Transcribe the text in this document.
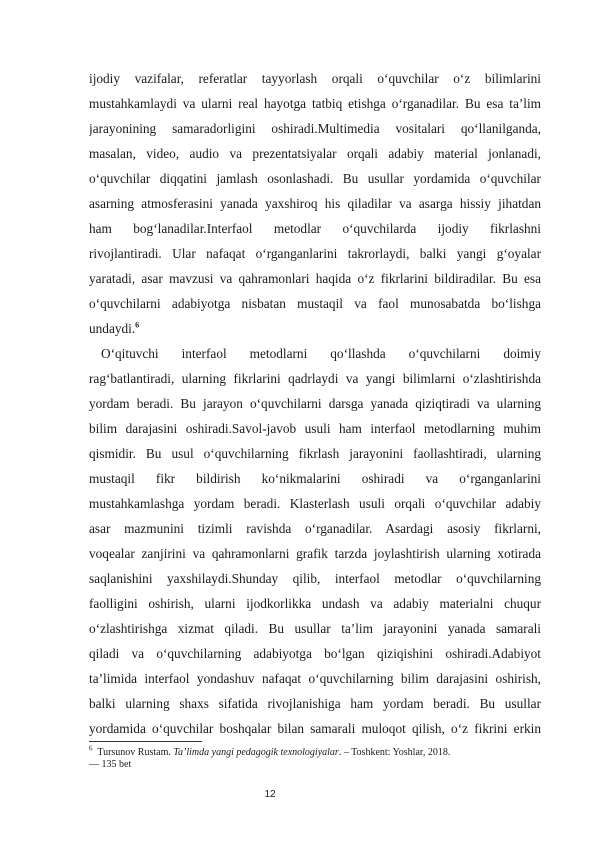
ijodiy vazifalar, referatlar tayyorlash orqali o‘quvchilar o‘z bilimlarini
mustahkamlaydi va ularni real hayotga tatbiq etishga o‘rganadilar. Bu esa ta’lim
jarayonining samaradorligini oshiradi.Multimedia vositalari qo‘llanilganda,
masalan, video, audio va prezentatsiyalar orqali adabiy material jonlanadi,
o‘quvchilar diqqatini jamlash osonlashadi. Bu usullar yordamida o‘quvchilar
asarning atmosferasini yanada yaxshiroq his qiladilar va asarga hissiy jihatdan
ham bog‘lanadilar.Interfaol metodlar o‘quvchilarda ijodiy fikrlashni
rivojlantiradi. Ular nafaqat o‘rganganlarini takrorlaydi, balki yangi g‘oyalar
yaratadi, asar mavzusi va qahramonlari haqida o‘z fikrlarini bildiradilar. Bu esa
o‘quvchilarni adabiyotga nisbatan mustaqil va faol munosabatda bo‘lishga
undaydi.$^6$
O‘qituvchi interfaol metodlarni qo‘llashda o‘quvchilarni doimiy
rag‘batlantiradi, ularning fikrlarini qadrlaydi va yangi bilimlarni o‘zlashtirishda
yordam beradi. Bu jarayon o‘quvchilarni darsga yanada qiziqtiradi va ularning
bilim darajasini oshiradi.Savol-javob usuli ham interfaol metodlarning muhim
qismidir. Bu usul o‘quvchilarning fikrlash jarayonini faollashtiradi, ularning
mustaqil fikr bildirish ko‘nikmalarini oshiradi va o‘rganganlarini
mustahkamlashga yordam beradi. Klasterlash usuli orqali o‘quvchilar adabiy
asar mazmunini tizimli ravishda o‘rganadilar. Asardagi asosiy fikrlarni,
voqealar zanjirini va qahramonlarni grafik tarzda joylashtirish ularning xotirada
saqlanishini yaxshilaydi.Shunday qilib, interfaol metodlar o‘quvchilarning
faolligini oshirish, ularni ijodkorlikka undash va adabiy materialni chuqur
o‘zlashtirishga xizmat qiladi. Bu usullar ta’lim jarayonini yanada samarali
qiladi va o‘quvchilarning adabiyotga bo‘lgan qiziqishini oshiradi.Adabiyot
ta’limida interfaol yondashuv nafaqat o‘quvchilarning bilim darajasini oshirish,
balki ularning shaxs sifatida rivojlanishiga ham yordam beradi. Bu usullar
yordamida o‘quvchilar boshqalar bilan samarali muloqot qilish, o‘z fikrini erkin
$^6$ Tursunov Rustam. Ta’limda yangi pedagogik texnologiyalar. – Toshkent: Yoshlar, 2018.
— 135 bet
12
